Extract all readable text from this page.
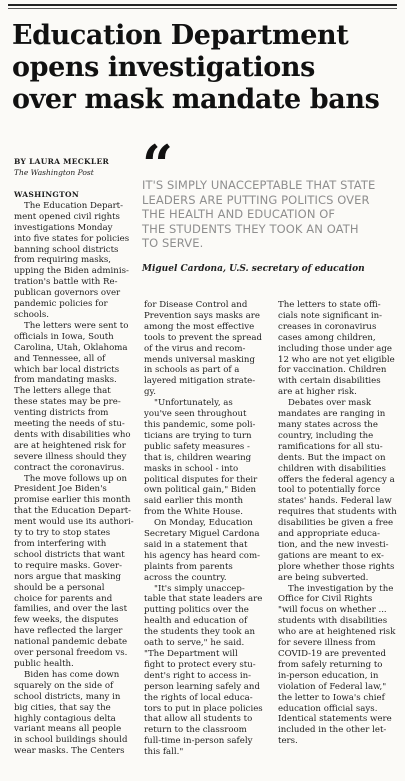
Education Department
opens investigations
over mask mandate bans
BY LAURA MECKLER
The Washington Post “
IT'S SIMPLY UNACCEPTABLE THAT STATE
LEADERS ARE PUTTING POLITICS OVER
THE HEALTH AND EDUCATION OF
THE STUDENTS THEY TOOK AN OATH
TO SERVE.
Miguel Cardona, U.S. secretary of education
WASHINGTON
The Education Depart-
ment opened civil rights
investigations Monday
into five states for policies
banning school districts
from requiring masks,
upping the Biden adminis-
tration's battle with Re-
publican governors over
pandemic policies for
schools.
The letters were sent to
officials in Iowa, South
Carolina, Utah, Oklahoma
and Tennessee, all of
which bar local districts
from mandating masks.
The letters allege that
these states may be pre-
venting districts from
meeting the needs of stu-
dents with disabilities who
are at heightened risk for
severe illness should they
contract the coronavirus.
The move follows up on
President Joe Biden's
promise earlier this month
that the Education Depart-
ment would use its authori-
ty to try to stop states
from interfering with
school districts that want
to require masks. Gover-
nors argue that masking
should be a personal
choice for parents and
families, and over the last
few weeks, the disputes
have reflected the larger
national pandemic debate
over personal freedom vs.
public health.
Biden has come down
squarely on the side of
school districts, many in
big cities, that say the
highly contagious delta
variant means all people
in school buildings should
wear masks. The Centers
for Disease Control and
Prevention says masks are
among the most effective
tools to prevent the spread
of the virus and recom-
mends universal masking
in schools as part of a
layered mitigation strate-
gy.
"Unfortunately, as
you've seen throughout
this pandemic, some poli-
ticians are trying to turn
public safety measures -
that is, children wearing
masks in school - into
political disputes for their
own political gain," Biden
said earlier this month
from the White House.
On Monday, Education
Secretary Miguel Cardona
said in a statement that
his agency has heard com-
plaints from parents
across the country.
"It's simply unaccep-
table that state leaders are
putting politics over the
health and education of
the students they took an
oath to serve," he said.
"The Department will
fight to protect every stu-
dent's right to access in-
person learning safely and
the rights of local educa-
tors to put in place policies
that allow all students to
return to the classroom
full-time in-person safely
this fall."
The letters to state offi-
cials note significant in-
creases in coronavirus
cases among children,
including those under age
12 who are not yet eligible
for vaccination. Children
with certain disabilities
are at higher risk.
Debates over mask
mandates are ranging in
many states across the
country, including the
ramifications for all stu-
dents. But the impact on
children with disabilities
offers the federal agency a
tool to potentially force
states' hands. Federal law
requires that students with
disabilities be given a free
and appropriate educa-
tion, and the new investi-
gations are meant to ex-
plore whether those rights
are being subverted.
The investigation by the
Office for Civil Rights
"will focus on whether ...
students with disabilities
who are at heightened risk
for severe illness from
COVID-19 are prevented
from safely returning to
in-person education, in
violation of Federal law,"
the letter to Iowa's chief
education official says.
Identical statements were
included in the other let-
ters.
